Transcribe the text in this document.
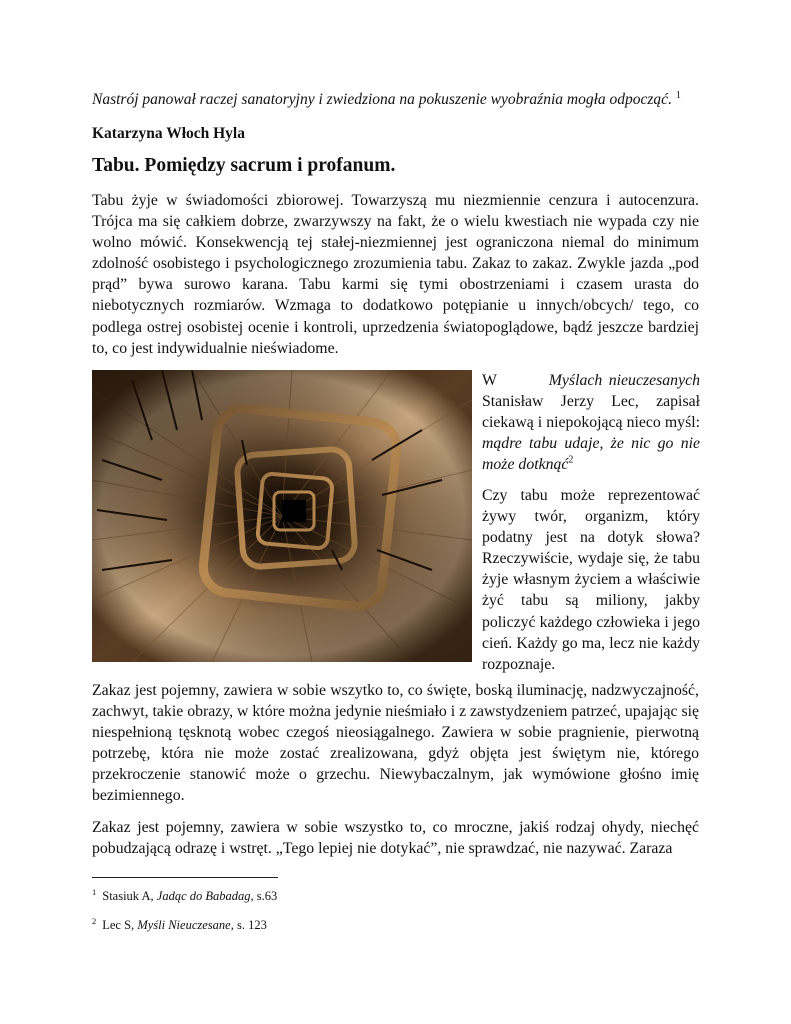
Nastrój panował raczej sanatoryjny i zwiedziona na pokuszenie wyobraźnia mogła odpocząć. $^1$
Katarzyna Włoch Hyla
Tabu. Pomiędzy sacrum i profanum.

Tabu żyje w świadomości zbiorowej. Towarzyszą mu niezmiennie cenzura i autocenzura. Trójca ma się całkiem dobrze, zwarzywszy na fakt, że o wielu kwestiach nie wypada czy nie wolno mówić. Konsekwencją tej stałej-niezmiennej jest ograniczona niemal do minimum zdolność osobistego i psychologicznego zrozumienia tabu. Zakaz to zakaz. Zwykle jazda „pod prąd” bywa surowo karana. Tabu karmi się tymi obostrzeniami i czasem urasta do niebotycznych rozmiarów. Wzmaga to dodatkowo potępianie u innych/obcych/ tego, co podlega ostrej osobistej ocenie i kontroli, uprzedzenia światopoglądowe, bądź jeszcze bardziej to, co jest indywidualnie nieświadome.

W	Myślach nieuczesanych Stanisław Jerzy Lec, zapisał ciekawą i niepokojącą nieco myśl: mądre tabu udaje, że nic go nie może dotknąć$^2$

Czy tabu może reprezentować żywy twór, organizm, który podatny jest na dotyk słowa? Rzeczywiście, wydaje się, że tabu żyje własnym życiem a właściwie żyć tabu są miliony, jakby policzyć każdego człowieka i jego cień. Każdy go ma, lecz nie każdy rozpoznaje.

Zakaz jest pojemny, zawiera w sobie wszytko to, co święte, boską iluminację, nadzwyczajność, zachwyt, takie obrazy, w które można jedynie nieśmiało i z zawstydzeniem patrzeć, upajając się niespełnioną tęsknotą wobec czegoś nieosiągalnego. Zawiera w sobie pragnienie, pierwotną potrzebę, która nie może zostać zrealizowana, gdyż objęta jest świętym nie, którego przekroczenie stanowić może o grzechu. Niewybaczalnym, jak wymówione głośno imię bezimiennego.

Zakaz jest pojemny, zawiera w sobie wszystko to, co mroczne, jakiś rodzaj ohydy, niechęć pobudzającą odrazę i wstręt. „Tego lepiej nie dotykać”, nie sprawdzać, nie nazywać. Zaraza

$^1$ Stasiuk A, Jadąc do Babadag, s.63
$^2$ Lec S, Myśli Nieuczesane, s. 123
